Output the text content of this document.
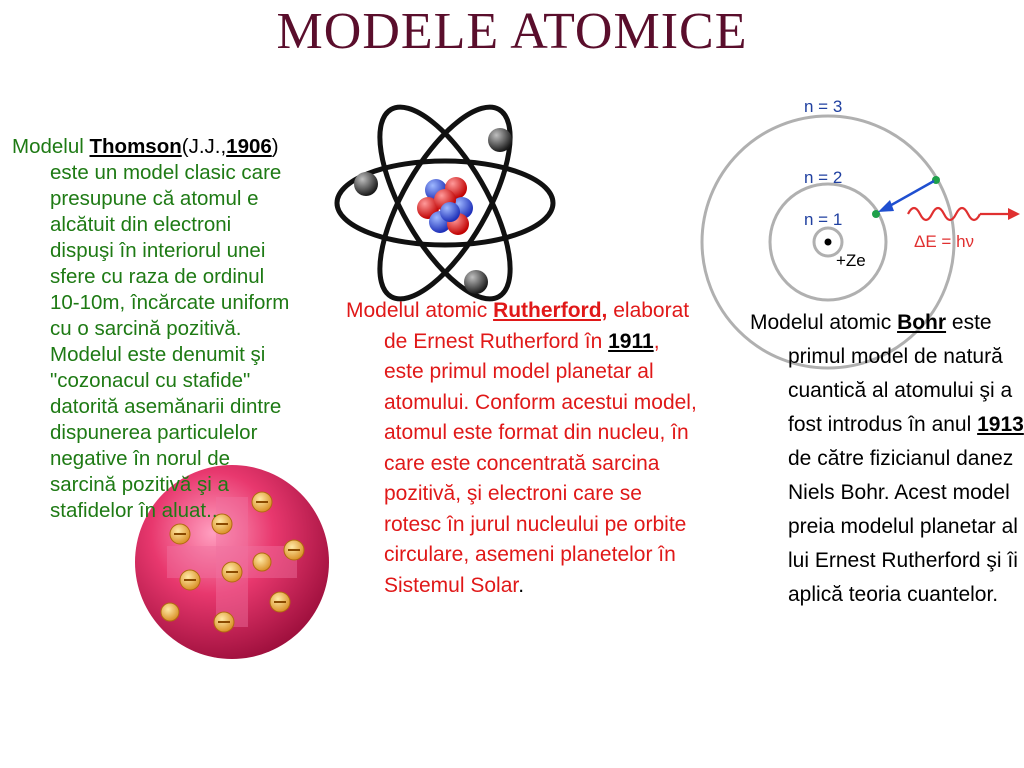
MODELE ATOMICE
n = 3
n = 2
n = 1
+Ze
ΔE = hν

Modelul Thomson(J.J.,1906) este un model clasic care presupune că atomul e alcătuit din electroni dispuşi în interiorul unei sfere cu raza de ordinul 10-10m, încărcate uniform cu o sarcină pozitivă. Modelul este denumit şi "cozonacul cu stafide" datorită asemănarii dintre dispunerea particulelor negative în norul de sarcină pozitivă şi a stafidelor în aluat..

Modelul atomic Rutherford, elaborat de Ernest Rutherford în 1911, este primul model planetar al atomului. Conform acestui model, atomul este format din nucleu, în care este concentrată sarcina pozitivă, şi electroni care se rotesc în jurul nucleului pe orbite circulare, asemeni planetelor în Sistemul Solar.

Modelul atomic Bohr este primul model de natură cuantică al atomului şi a fost introdus în anul 1913 de către fizicianul danez Niels Bohr. Acest model preia modelul planetar al lui Ernest Rutherford şi îi aplică teoria cuantelor.
